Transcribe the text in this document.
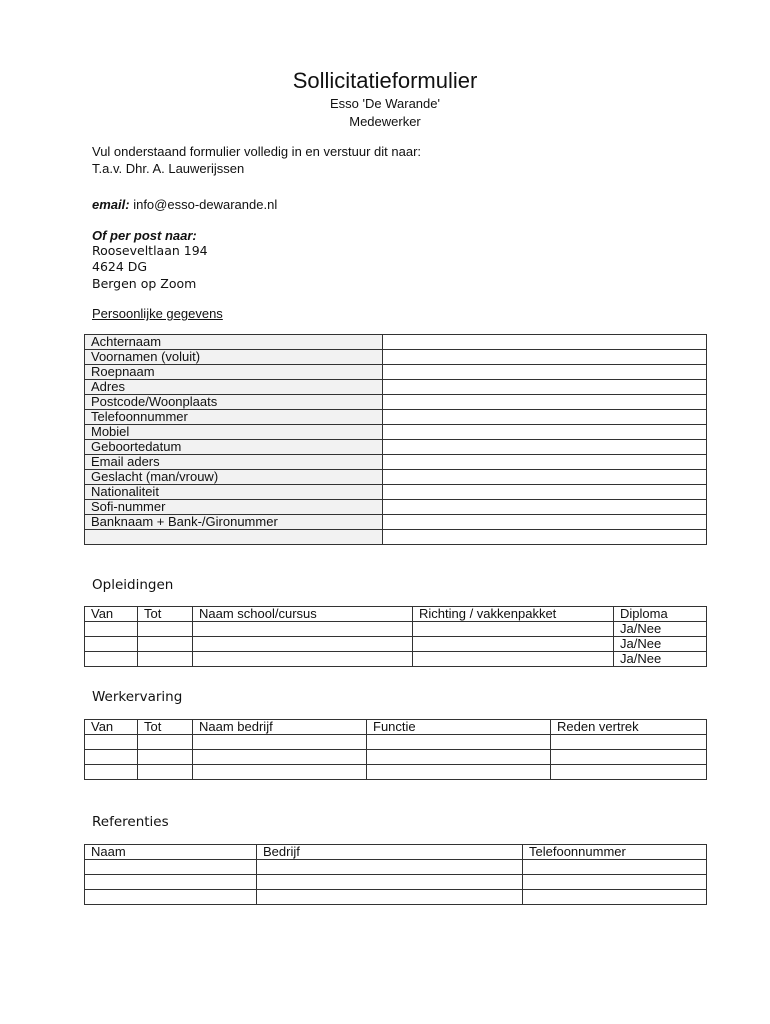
Sollicitatieformulier
Esso 'De Warande'
Medewerker
Vul onderstaand formulier volledig in en verstuur dit naar:
T.a.v. Dhr. A. Lauwerijssen
email: info@esso-dewarande.nl
Of per post naar:
Rooseveltlaan 194
4624 DG
Bergen op Zoom
Persoonlijke gegevens
Achternaam	
Voornamen (voluit)	
Roepnaam	
Adres	
Postcode/Woonplaats	
Telefoonnummer	
Mobiel	
Geboortedatum	
Email aders	
Geslacht (man/vrouw)	
Nationaliteit	
Sofi-nummer	
Banknaam + Bank-/Gironummer	

Opleidingen
Van	Tot	Naam school/cursus	Richting / vakkenpakket	Diploma
				Ja/Nee
				Ja/Nee
				Ja/Nee
Werkervaring
Van	Tot	Naam bedrijf	Functie	Reden vertrek

Referenties
Naam	Bedrijf	Telefoonnummer
